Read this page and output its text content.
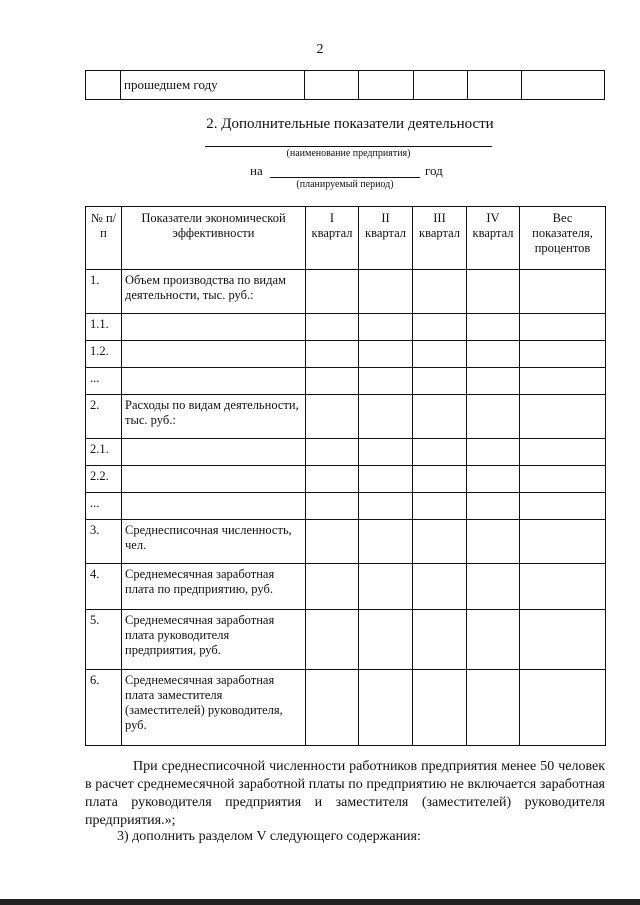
2
	прошедшем году					
2. Дополнительные показатели деятельности
(наименование предприятия)
на	год
(планируемый период)
№ п/п	Показатели экономической эффективности	I квартал	II квартал	III квартал	IV квартал	Вес показателя, процентов
1.	Объем производства по видам деятельности, тыс. руб.:					
1.1.						
1.2.						
...						
2.	Расходы по видам деятельности, тыс. руб.:					
2.1.						
2.2.						
...						
3.	Среднесписочная численность, чел.					
4.	Среднемесячная заработная плата по предприятию, руб.					
5.	Среднемесячная заработная плата руководителя предприятия, руб.					
6.	Среднемесячная заработная плата заместителя (заместителей) руководителя, руб.					
При среднесписочной численности работников предприятия менее 50 человек в расчет среднемесячной заработной платы по предприятию не включается заработная плата руководителя предприятия и заместителя (заместителей) руководителя предприятия.»;
3) дополнить разделом V следующего содержания:
